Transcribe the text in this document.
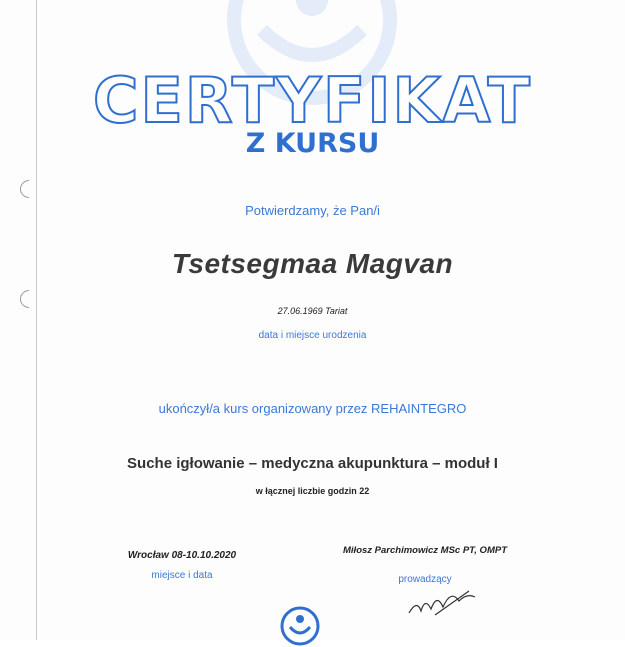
CERTYFIKAT
Z KURSU
Potwierdzamy, że Pan/i
Tsetsegmaa Magvan
27.06.1969 Tariat
data i miejsce urodzenia
ukończył/a kurs organizowany przez REHAINTEGRO
Suche igłowanie – medyczna akupunktura – moduł I
w łącznej liczbie godzin 22
Wrocław 08-10.10.2020
miejsce i data
Miłosz Parchimowicz MSc PT, OMPT
prowadzący
